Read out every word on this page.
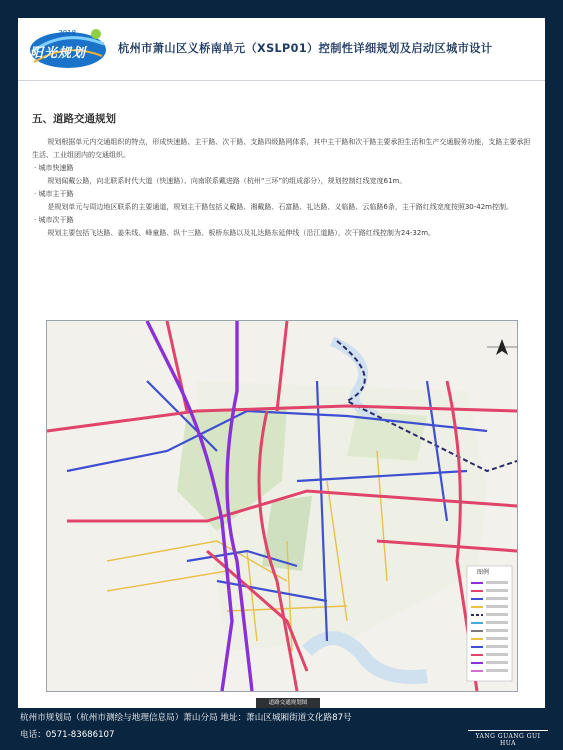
2018
阳光规划	杭州市萧山区义桥南单元（XSLP01）控制性详细规划及启动区城市设计
五、道路交通规划

规划根据单元内交通组织的特点，形成快速路、主干路、次干路、支路四级路网体系，其中主干路和次干路主要承担生活和生产交通服务功能，支路主要承担生活、工业组团内的交通组织。

· 城市快速路

规划闻戴公路，向北联系时代大道（快速路）、向南联系戴进路（杭州“三环”的组成部分），规划控制红线宽度61m。

· 城市主干路

是规划单元与周边地区联系的主要通道，规划主干路包括义戴路、湘戴路、石富路、礼达路、义临路、云临路6条，主干路红线宽度按照30-42m控制。

· 城市次干路

规划主要包括飞达路、姜朱线、峰童路、纵十三路、板桥东路以及礼达路东延伸线（沿江道路），次干路红线控制为24-32m。

图例
道路交通规划图
杭州市规划局（杭州市测绘与地理信息局）萧山分局 地址：萧山区城厢街道文化路87号
电话：0571-83686107	YANG GUANG GUI HUA
